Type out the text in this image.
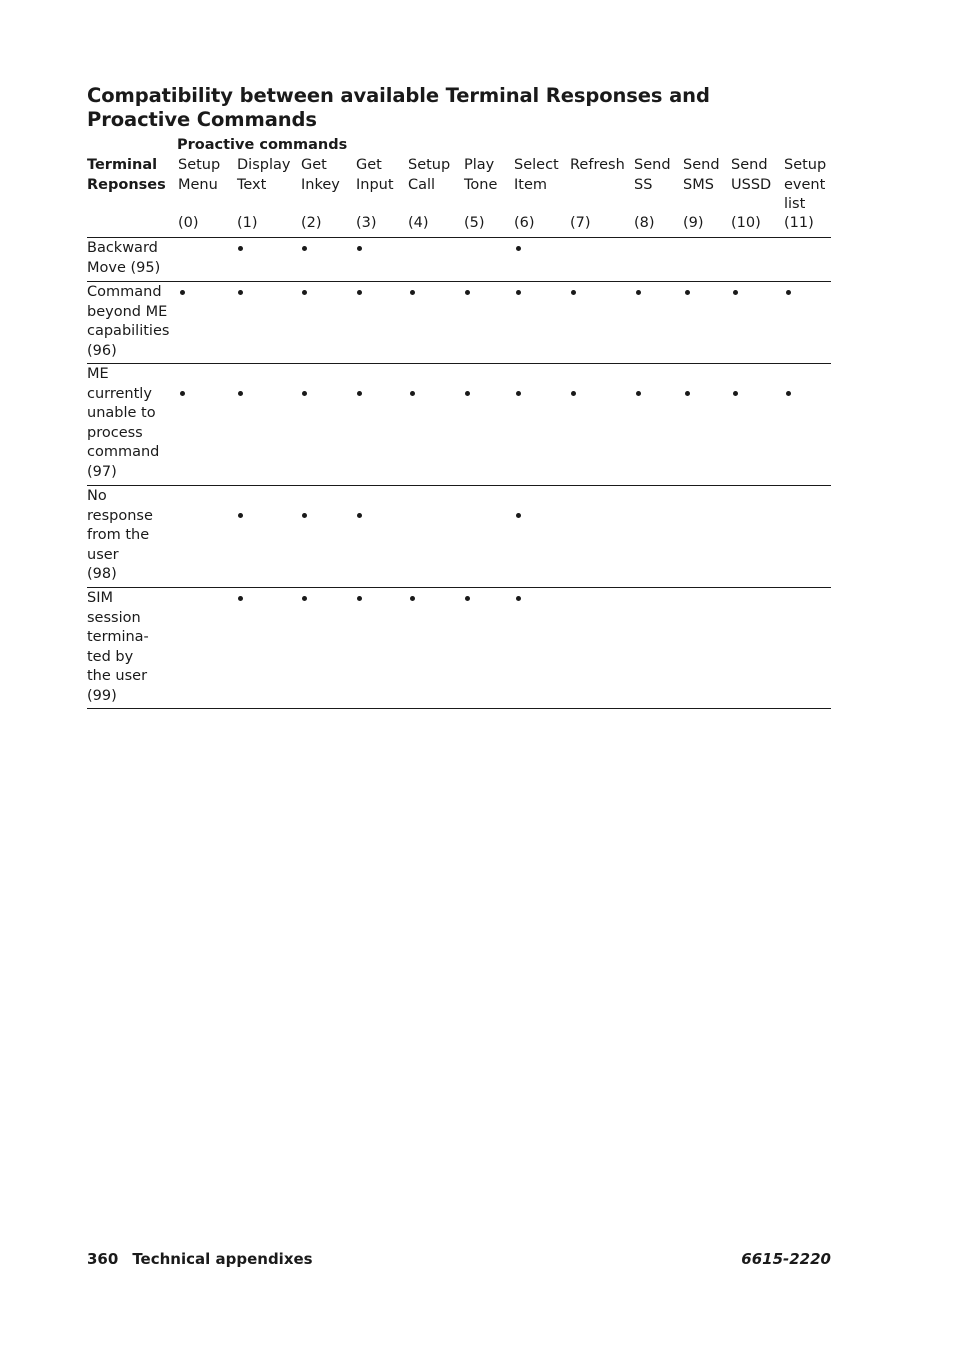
Compatibility between available Terminal Responses and
Proactive Commands
Proactive commands
Terminal
Reponses
Setup
Menu
(0)
Display
Text
(1)
Get
Inkey
(2)
Get
Input
(3)
Setup
Call
(4)
Play
Tone
(5)
Select
Item
(6)
Refresh
(7)
Send
SS
(8)
Send
SMS
(9)
Send
USSD
(10)
Setup
event
list
(11)
Backward
Move (95)
Command
beyond ME
capabilities
(96)
ME
currently
unable to
process
command
(97)
No
response
from the
user
(98)
SIM
session
termina-
ted by
the user
(99)
360 Technical appendixes	6615-2220
